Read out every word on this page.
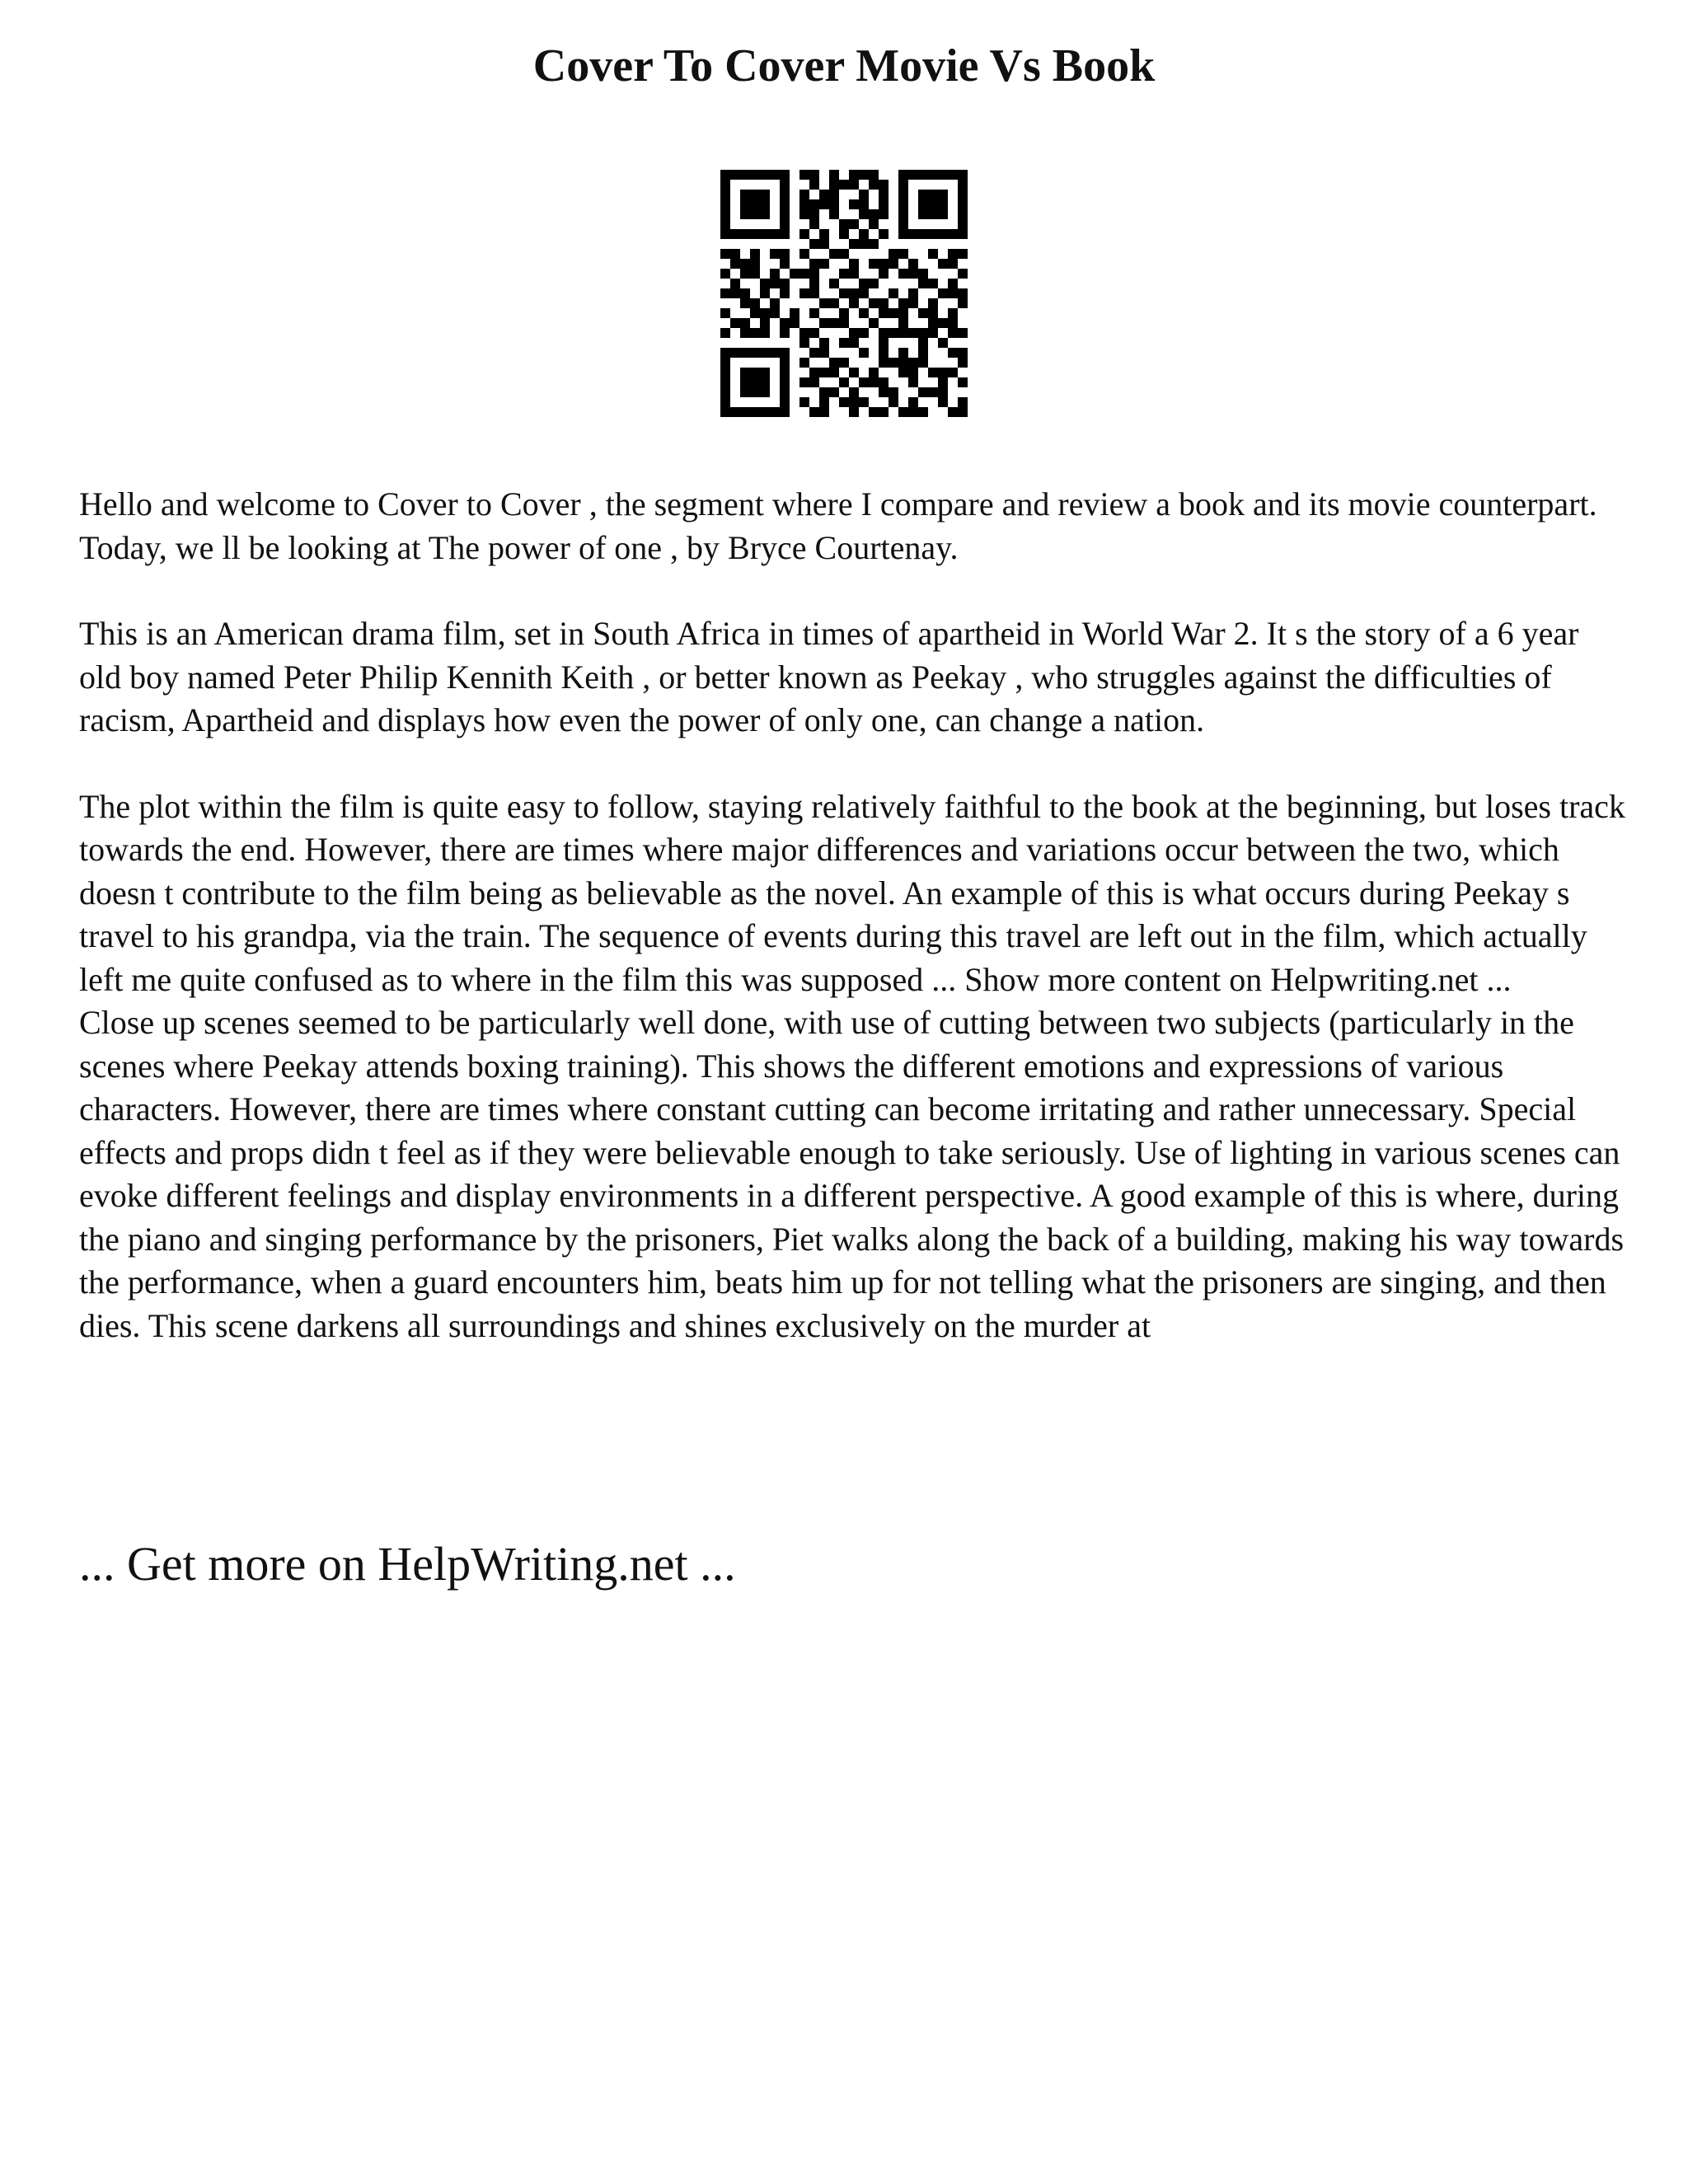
Cover To Cover Movie Vs Book

Hello and welcome to Cover to Cover , the segment where I compare and review a book and its movie counterpart. Today, we ll be looking at The power of one , by Bryce Courtenay.

This is an American drama film, set in South Africa in times of apartheid in World War 2. It s the story of a 6 year old boy named Peter Philip Kennith Keith , or better known as Peekay , who struggles against the difficulties of racism, Apartheid and displays how even the power of only one, can change a nation.

The plot within the film is quite easy to follow, staying relatively faithful to the book at the beginning, but loses track towards the end. However, there are times where major differences and variations occur between the two, which doesn t contribute to the film being as believable as the novel. An example of this is what occurs during Peekay s travel to his grandpa, via the train. The sequence of events during this travel are left out in the film, which actually left me quite confused as to where in the film this was supposed ... Show more content on Helpwriting.net ...

Close up scenes seemed to be particularly well done, with use of cutting between two subjects (particularly in the scenes where Peekay attends boxing training). This shows the different emotions and expressions of various characters. However, there are times where constant cutting can become irritating and rather unnecessary. Special effects and props didn t feel as if they were believable enough to take seriously. Use of lighting in various scenes can evoke different feelings and display environments in a different perspective. A good example of this is where, during the piano and singing performance by the prisoners, Piet walks along the back of a building, making his way towards the performance, when a guard encounters him, beats him up for not telling what the prisoners are singing, and then dies. This scene darkens all surroundings and shines exclusively on the murder at

... Get more on HelpWriting.net ...
